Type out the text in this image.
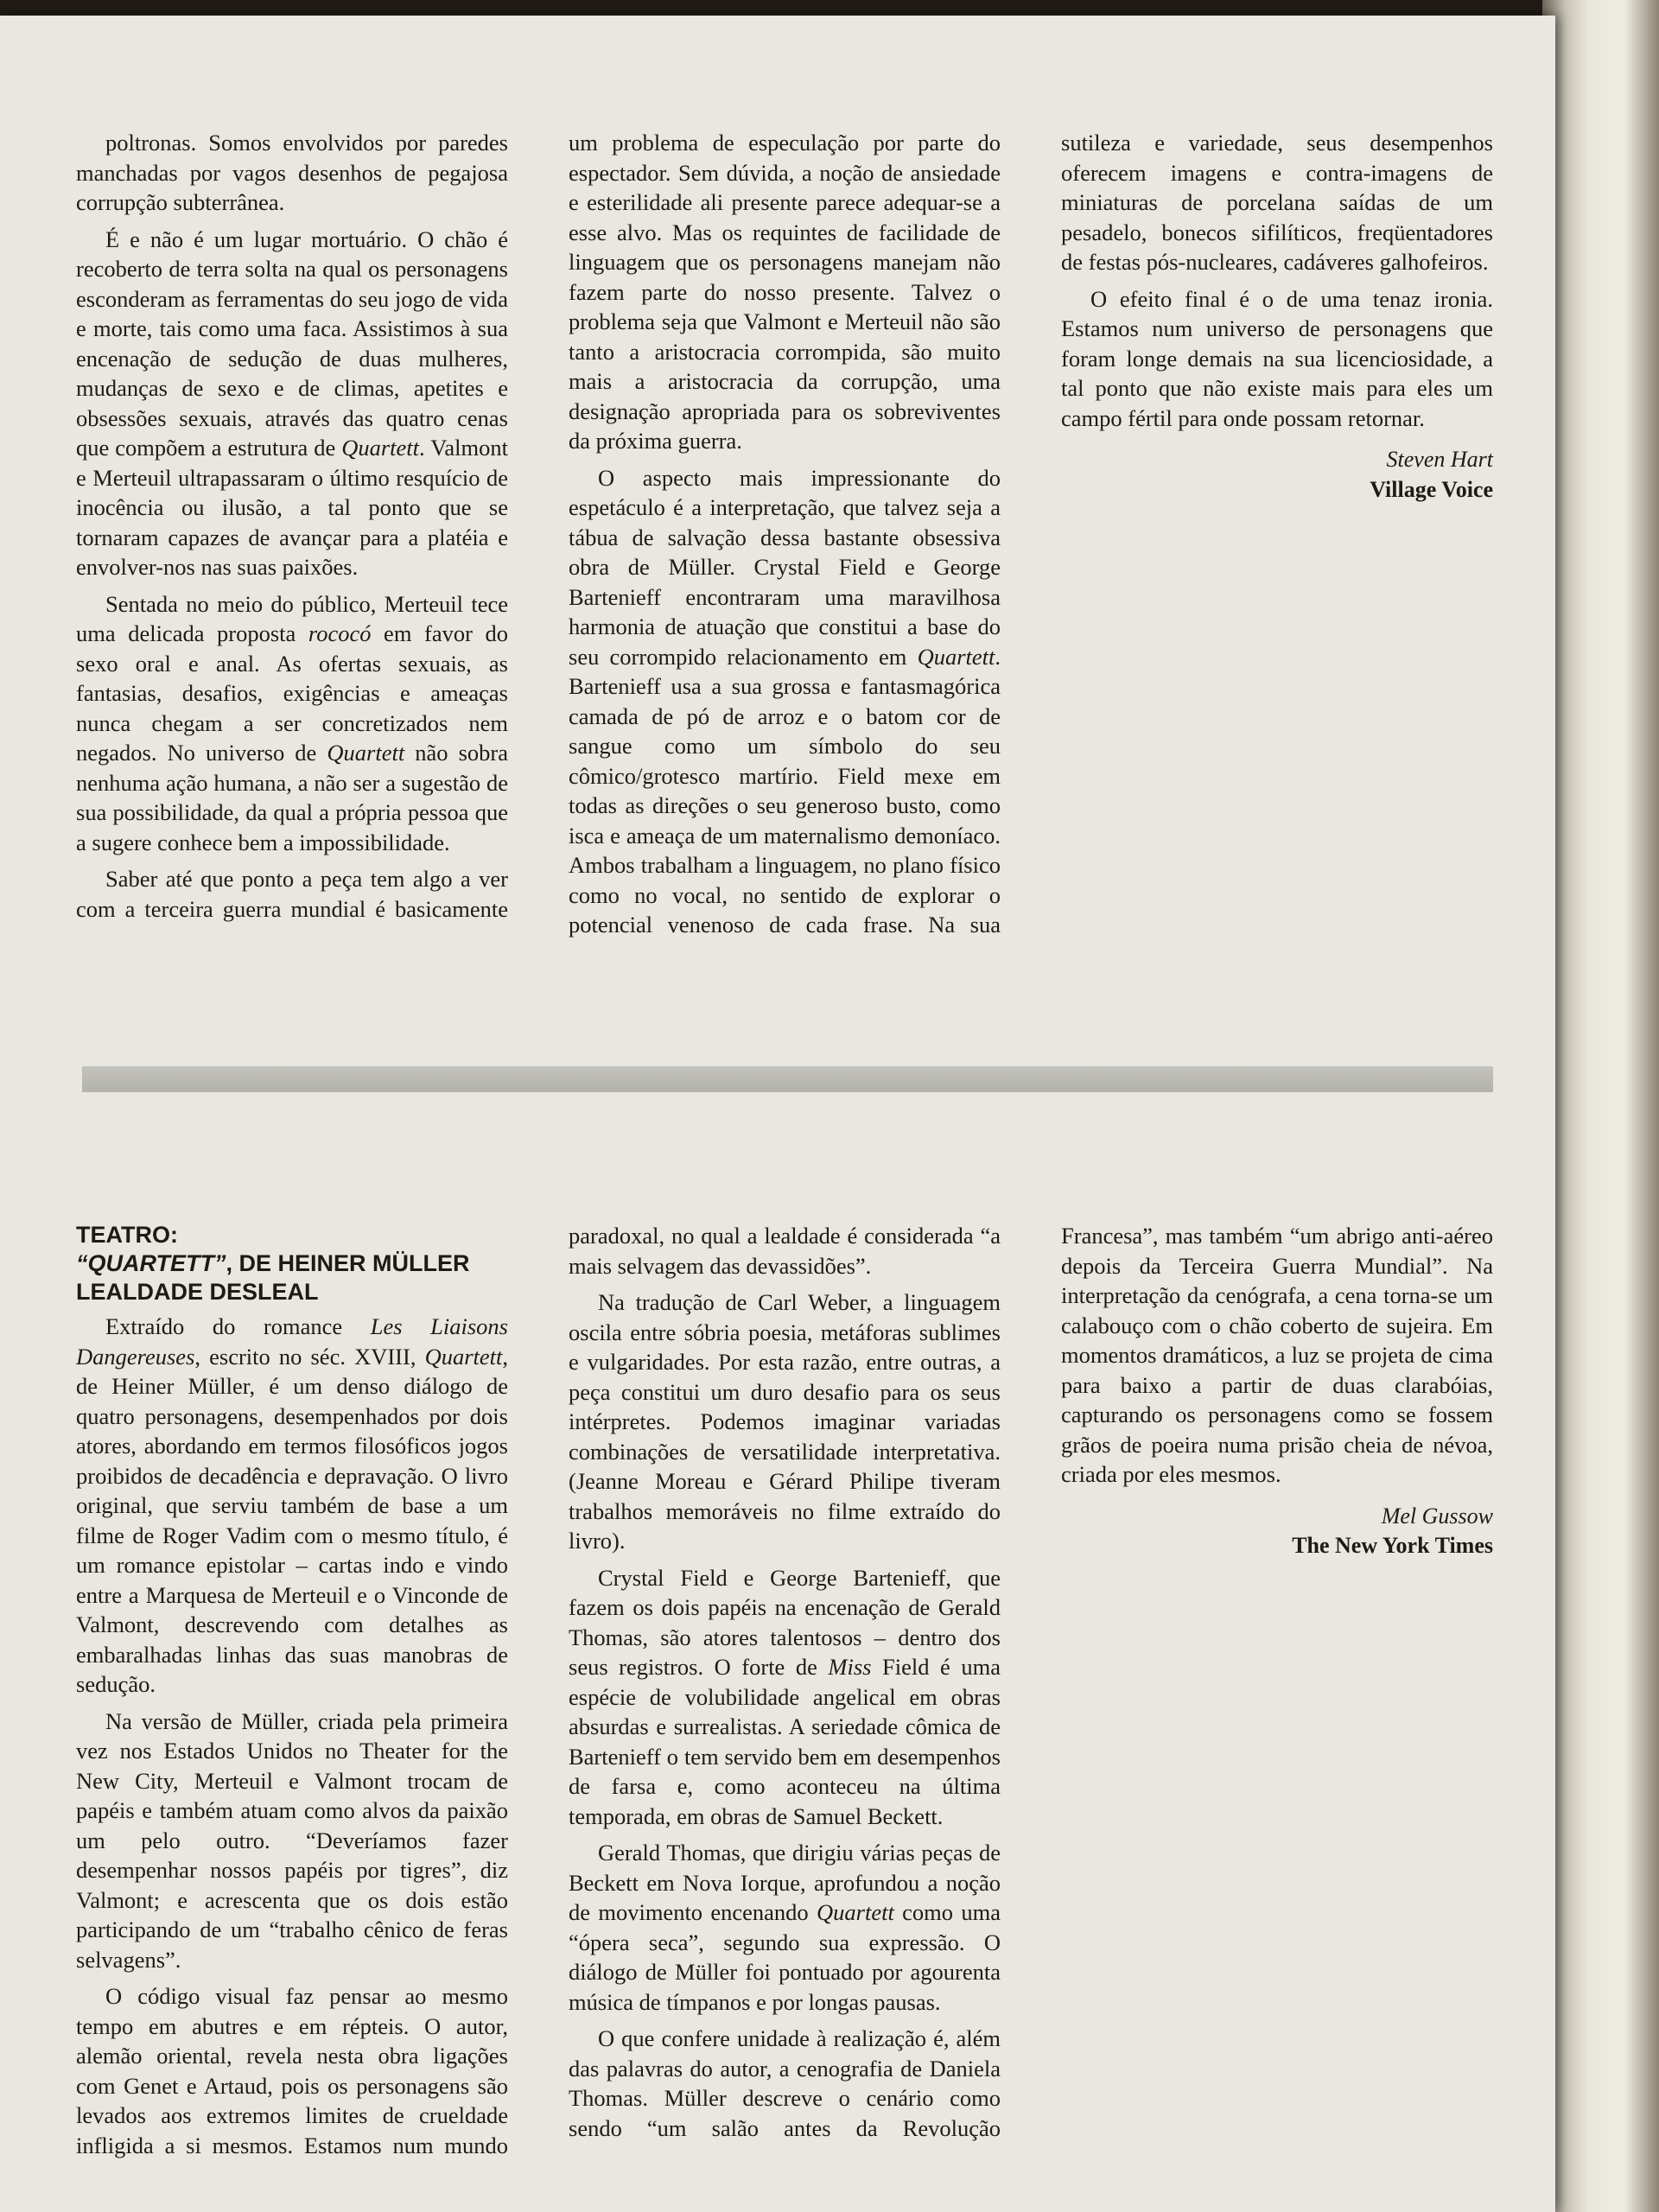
poltronas. Somos envolvidos por paredes manchadas por vagos desenhos de pegajosa corrupção subterrânea.

É e não é um lugar mortuário. O chão é recoberto de terra solta na qual os personagens esconderam as ferramentas do seu jogo de vida e morte, tais como uma faca. Assistimos à sua encenação de sedução de duas mulheres, mudanças de sexo e de climas, apetites e obsessões sexuais, através das quatro cenas que compõem a estrutura de Quartett. Valmont e Merteuil ultrapassaram o último resquício de inocência ou ilusão, a tal ponto que se tornaram capazes de avançar para a platéia e envolver-nos nas suas paixões.

Sentada no meio do público, Merteuil tece uma delicada proposta rococó em favor do sexo oral e anal. As ofertas sexuais, as fantasias, desafios, exigências e ameaças nunca chegam a ser concretizados nem negados. No universo de Quartett não sobra nenhuma ação humana, a não ser a sugestão de sua possibilidade, da qual a própria pessoa que a sugere conhece bem a impossibilidade.

Saber até que ponto a peça tem algo a ver com a terceira guerra mundial é basicamente um problema de especulação por parte do espectador. Sem dúvida, a noção de ansiedade e esterilidade ali presente parece adequar-se a esse alvo. Mas os requintes de facilidade de linguagem que os personagens manejam não fazem parte do nosso presente. Talvez o problema seja que Valmont e Merteuil não são tanto a aristocracia corrompida, são muito mais a aristocracia da corrupção, uma designação apropriada para os sobreviventes da próxima guerra.

O aspecto mais impressionante do espetáculo é a interpretação, que talvez seja a tábua de salvação dessa bastante obsessiva obra de Müller. Crystal Field e George Bartenieff encontraram uma maravilhosa harmonia de atuação que constitui a base do seu corrompido relacionamento em Quartett. Bartenieff usa a sua grossa e fantasmagórica camada de pó de arroz e o batom cor de sangue como um símbolo do seu cômico/grotesco martírio. Field mexe em todas as direções o seu generoso busto, como isca e ameaça de um maternalismo demoníaco. Ambos trabalham a linguagem, no plano físico como no vocal, no sentido de explorar o potencial venenoso de cada frase. Na sua sutileza e variedade, seus desempenhos oferecem imagens e contra-imagens de miniaturas de porcelana saídas de um pesadelo, bonecos sifilíticos, freqüentadores de festas pós-nucleares, cadáveres galhofeiros.

O efeito final é o de uma tenaz ironia. Estamos num universo de personagens que foram longe demais na sua licenciosidade, a tal ponto que não existe mais para eles um campo fértil para onde possam retornar.

Steven Hart
Village Voice
TEATRO:
“QUARTETT”, DE HEINER MÜLLER
LEALDADE DESLEAL

Extraído do romance Les Liaisons Dangereuses, escrito no séc. XVIII, Quartett, de Heiner Müller, é um denso diálogo de quatro personagens, desempenhados por dois atores, abordando em termos filosóficos jogos proibidos de decadência e depravação. O livro original, que serviu também de base a um filme de Roger Vadim com o mesmo título, é um romance epistolar – cartas indo e vindo entre a Marquesa de Merteuil e o Vinconde de Valmont, descrevendo com detalhes as embaralhadas linhas das suas manobras de sedução.

Na versão de Müller, criada pela primeira vez nos Estados Unidos no Theater for the New City, Merteuil e Valmont trocam de papéis e também atuam como alvos da paixão um pelo outro. “Deveríamos fazer desempenhar nossos papéis por tigres”, diz Valmont; e acrescenta que os dois estão participando de um “trabalho cênico de feras selvagens”.

O código visual faz pensar ao mesmo tempo em abutres e em répteis. O autor, alemão oriental, revela nesta obra ligações com Genet e Artaud, pois os personagens são levados aos extremos limites de crueldade infligida a si mesmos. Estamos num mundo paradoxal, no qual a lealdade é considerada “a mais selvagem das devassidões”.

Na tradução de Carl Weber, a linguagem oscila entre sóbria poesia, metáforas sublimes e vulgaridades. Por esta razão, entre outras, a peça constitui um duro desafio para os seus intérpretes. Podemos imaginar variadas combinações de versatilidade interpretativa. (Jeanne Moreau e Gérard Philipe tiveram trabalhos memoráveis no filme extraído do livro).

Crystal Field e George Bartenieff, que fazem os dois papéis na encenação de Gerald Thomas, são atores talentosos – dentro dos seus registros. O forte de Miss Field é uma espécie de volubilidade angelical em obras absurdas e surrealistas. A seriedade cômica de Bartenieff o tem servido bem em desempenhos de farsa e, como aconteceu na última temporada, em obras de Samuel Beckett.

Gerald Thomas, que dirigiu várias peças de Beckett em Nova Iorque, aprofundou a noção de movimento encenando Quartett como uma “ópera seca”, segundo sua expressão. O diálogo de Müller foi pontuado por agourenta música de tímpanos e por longas pausas.

O que confere unidade à realização é, além das palavras do autor, a cenografia de Daniela Thomas. Müller descreve o cenário como sendo “um salão antes da Revolução Francesa”, mas também “um abrigo anti-aéreo depois da Terceira Guerra Mundial”. Na interpretação da cenógrafa, a cena torna-se um calabouço com o chão coberto de sujeira. Em momentos dramáticos, a luz se projeta de cima para baixo a partir de duas clarabóias, capturando os personagens como se fossem grãos de poeira numa prisão cheia de névoa, criada por eles mesmos.

Mel Gussow
The New York Times
